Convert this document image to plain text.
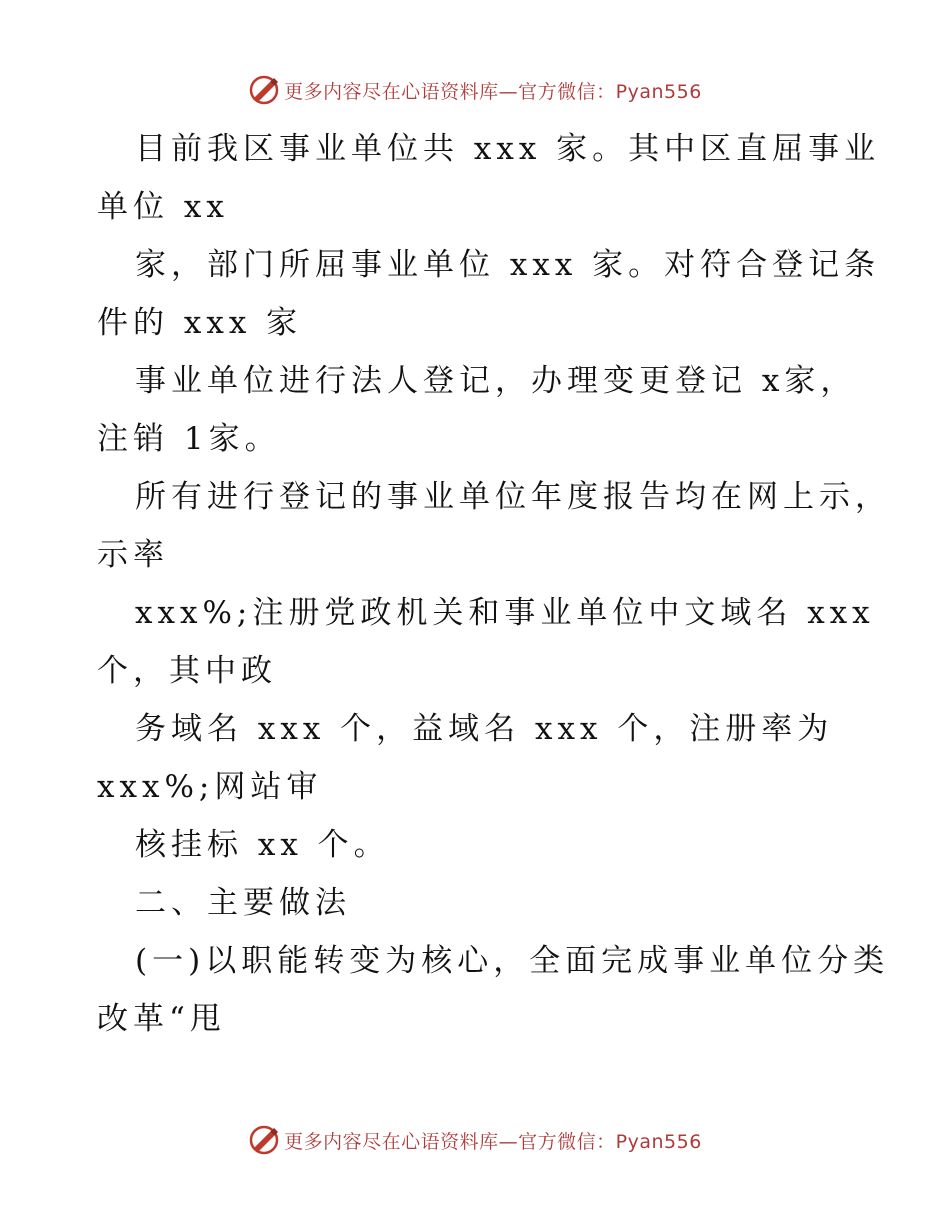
更多内容尽在心语资料库—官方微信：Pyan556
目前我区事业单位共 xxx 家。其中区直屈事业
单位 xx
家，部门所屈事业单位 xxx 家。对符合登记条
件的 xxx 家
事业单位进行法人登记，办理变更登记 x家，
注销 1家。
所有进行登记的事业单位年度报告均在网上示，
示率
xxx%;注册党政机关和事业单位中文域名 xxx
个，其中政
务域名 xxx 个，益域名 xxx 个，注册率为
xxx%;网站审
核挂标 xx 个。
二、主要做法
(一)以职能转变为核心，全面完成事业单位分类
改革“甩
更多内容尽在心语资料库—官方微信：Pyan556
